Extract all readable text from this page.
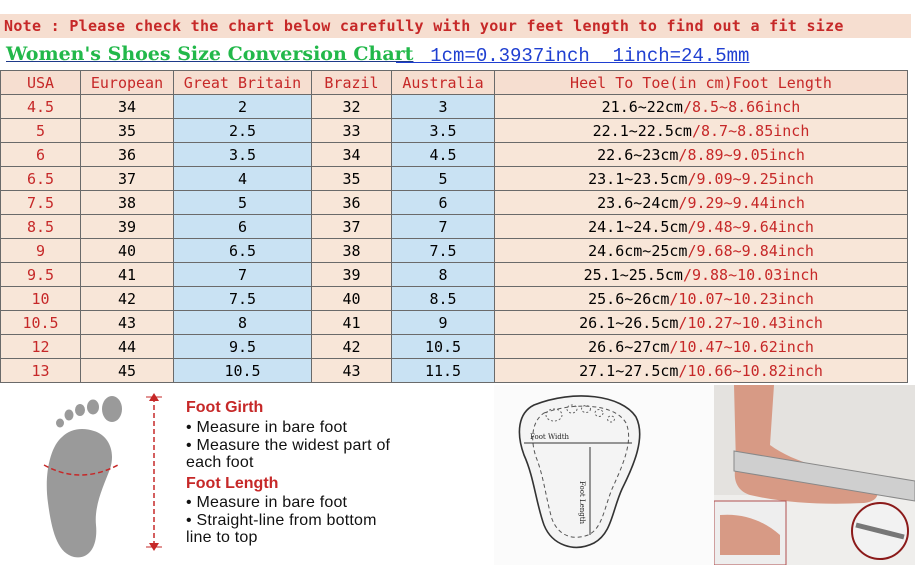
Note : Please check the chart below carefully with your feet length to find out a fit size
Women's Shoes Size Conversion Chart
1cm=0.3937inch  1inch=24.5mm
USA	European	Great Britain	Brazil	Australia	Heel To Toe(in cm)Foot Length
4.5	34	2	32	3	21.6~22cm/8.5~8.66inch
5	35	2.5	33	3.5	22.1~22.5cm/8.7~8.85inch
6	36	3.5	34	4.5	22.6~23cm/8.89~9.05inch
6.5	37	4	35	5	23.1~23.5cm/9.09~9.25inch
7.5	38	5	36	6	23.6~24cm/9.29~9.44inch
8.5	39	6	37	7	24.1~24.5cm/9.48~9.64inch
9	40	6.5	38	7.5	24.6cm~25cm/9.68~9.84inch
9.5	41	7	39	8	25.1~25.5cm/9.88~10.03inch
10	42	7.5	40	8.5	25.6~26cm/10.07~10.23inch
10.5	43	8	41	9	26.1~26.5cm/10.27~10.43inch
12	44	9.5	42	10.5	26.6~27cm/10.47~10.62inch
13	45	10.5	43	11.5	27.1~27.5cm/10.66~10.82inch
Foot Girth
• Measure in bare foot
• Measure the widest part of
each foot
Foot Length
• Measure in bare foot
• Straight-line from bottom
line to top
Foot Width
Foot Length
